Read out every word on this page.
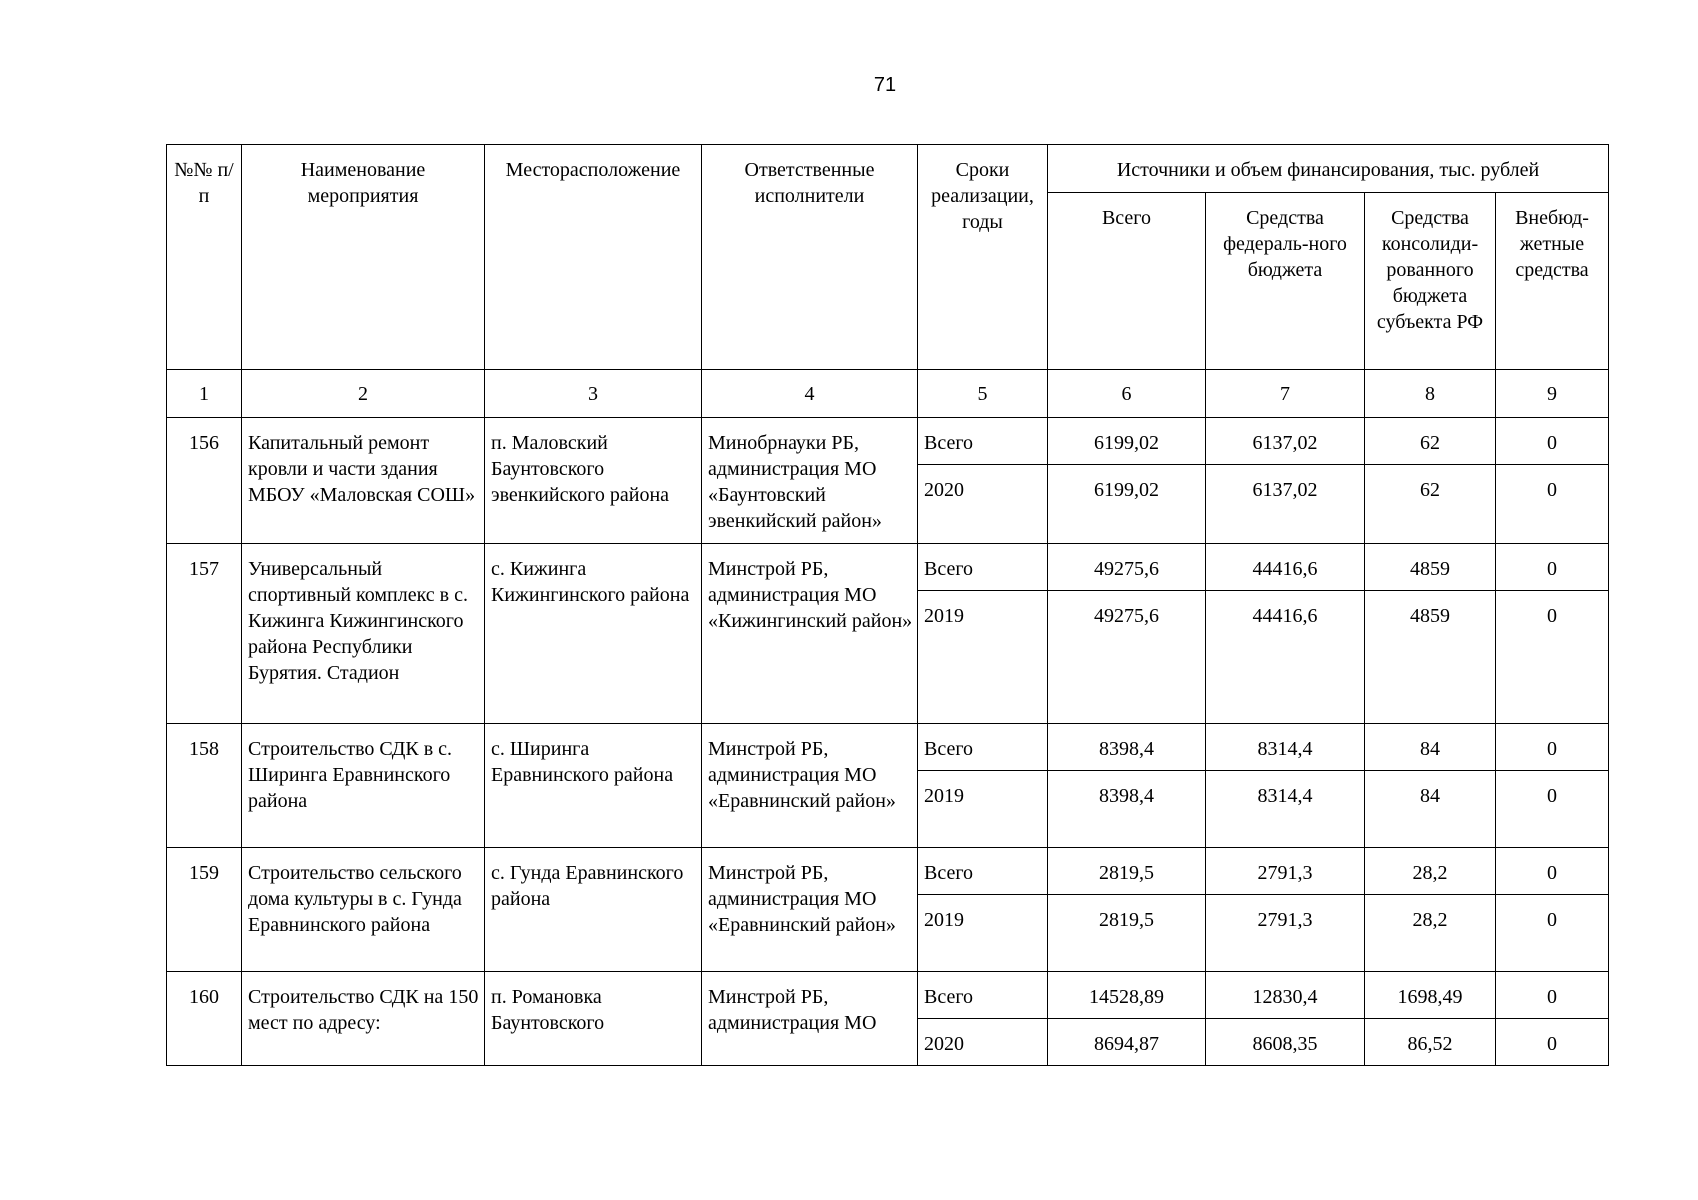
71
№№ п/п	Наименование мероприятия	Месторасположение	Ответственные исполнители	Сроки реализации, годы	Источники и объем финансирования, тыс. рублей			
					Всего	Средства федераль-ного бюджета	Средства консолиди-рованного бюджета субъекта РФ	Внебюд-жетные средства
1	2	3	4	5	6	7	8	9
156	Капитальный ремонт кровли и части здания МБОУ «Маловская СОШ»	п. Маловский Баунтовского эвенкийского района	Минобрнауки РБ, администрация МО «Баунтовский эвенкийский район»	Всего	6199,02	6137,02	62	0
				2020	6199,02	6137,02	62	0
157	Универсальный спортивный комплекс в с. Кижинга Кижингинского района Республики Бурятия. Стадион	с. Кижинга Кижингинского района	Минстрой РБ, администрация МО «Кижингинский район»	Всего	49275,6	44416,6	4859	0
				2019	49275,6	44416,6	4859	0
158	Строительство СДК в с. Ширинга Еравнинского района	с. Ширинга Еравнинского района	Минстрой РБ, администрация МО «Еравнинский район»	Всего	8398,4	8314,4	84	0
				2019	8398,4	8314,4	84	0
159	Строительство сельского дома культуры в с. Гунда Еравнинского района	с. Гунда Еравнинского района	Минстрой РБ, администрация МО «Еравнинский район»	Всего	2819,5	2791,3	28,2	0
				2019	2819,5	2791,3	28,2	0
160	Строительство СДК на 150 мест по адресу:	п. Романовка Баунтовского	Минстрой РБ, администрация МО	Всего	14528,89	12830,4	1698,49	0
				2020	8694,87	8608,35	86,52	0
